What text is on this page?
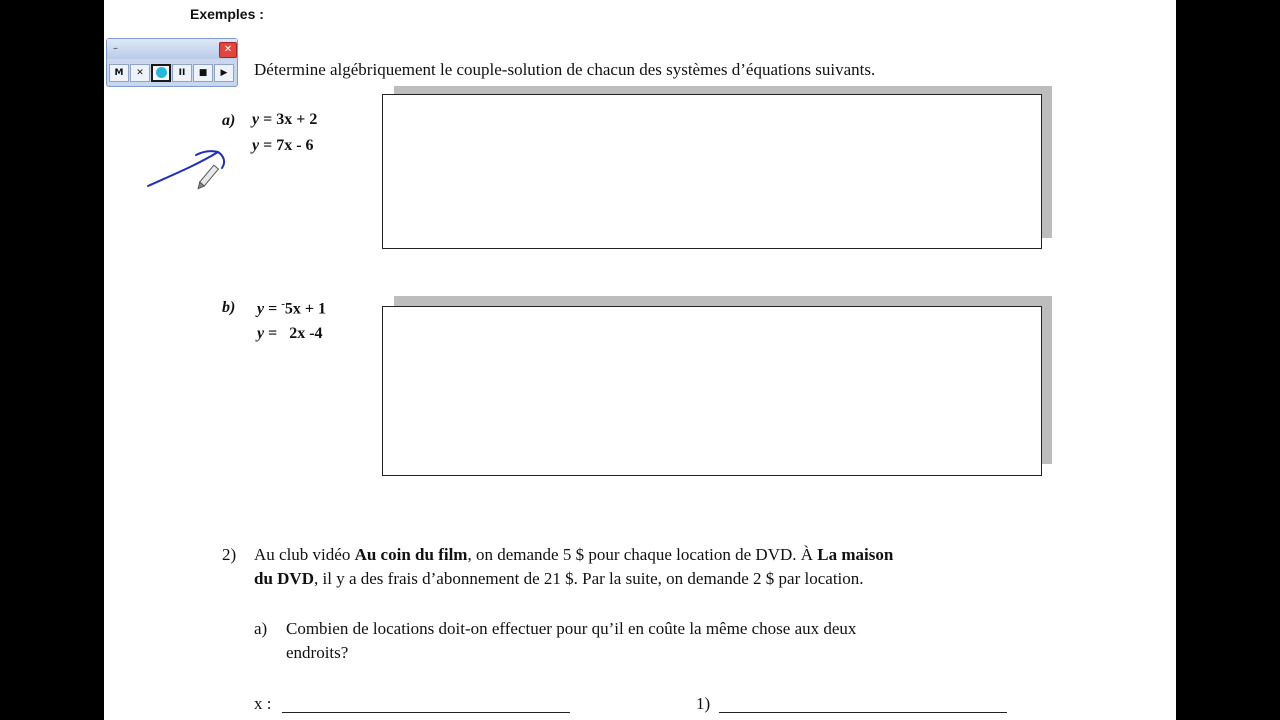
Exemples :
Détermine algébriquement le couple-solution de chacun des systèmes d’équations suivants.
a) y = 3x + 2
y = 7x - 6
b) y = -5x + 1
y =   2x -4
2) Au club vidéo Au coin du film, on demande 5 $ pour chaque location de DVD. À La maison
du DVD, il y a des frais d’abonnement de 21 $. Par la suite, on demande 2 $ par location.
a) Combien de locations doit-on effectuer pour qu’il en coûte la même chose aux deux
endroits?
x :	1)
–	✕
M	✕	II	■	▶
